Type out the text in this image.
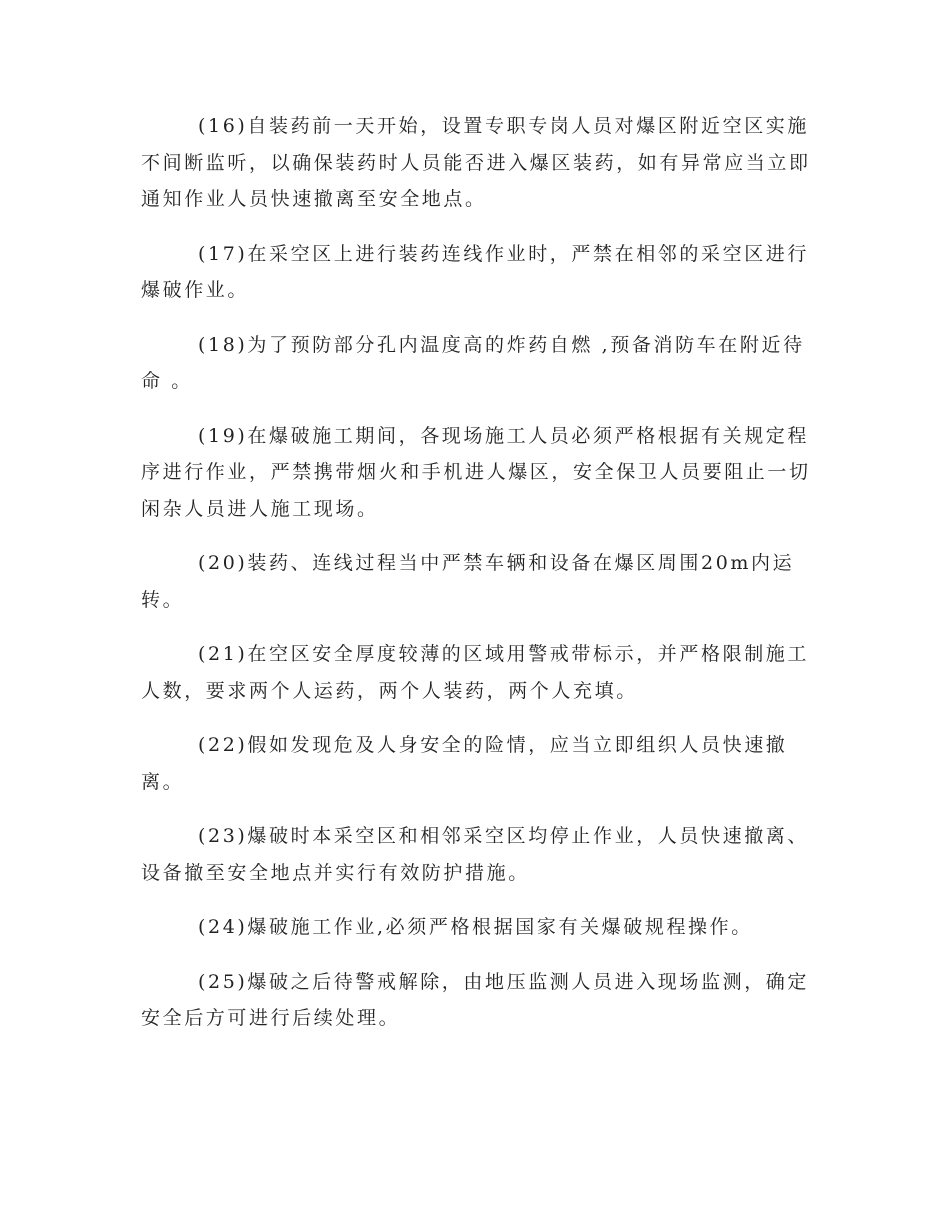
(16)自装药前一天开始，设置专职专岗人员对爆区附近空区实施不间断监听，以确保装药时人员能否进入爆区装药，如有异常应当立即通知作业人员快速撤离至安全地点。

(17)在采空区上进行装药连线作业时，严禁在相邻的采空区进行爆破作业。

(18)为了预防部分孔内温度高的炸药自燃 ,预备消防车在附近待命 。

(19)在爆破施工期间，各现场施工人员必须严格根据有关规定程序进行作业，严禁携带烟火和手机进人爆区，安全保卫人员要阻止一切闲杂人员进人施工现场。

(20)装药、连线过程当中严禁车辆和设备在爆区周围20m内运转。

(21)在空区安全厚度较薄的区域用警戒带标示，并严格限制施工人数，要求两个人运药，两个人装药，两个人充填。

(22)假如发现危及人身安全的险情，应当立即组织人员快速撤离。

(23)爆破时本采空区和相邻采空区均停止作业，人员快速撤离、设备撤至安全地点并实行有效防护措施。

(24)爆破施工作业,必须严格根据国家有关爆破规程操作。

(25)爆破之后待警戒解除，由地压监测人员进入现场监测，确定安全后方可进行后续处理。
